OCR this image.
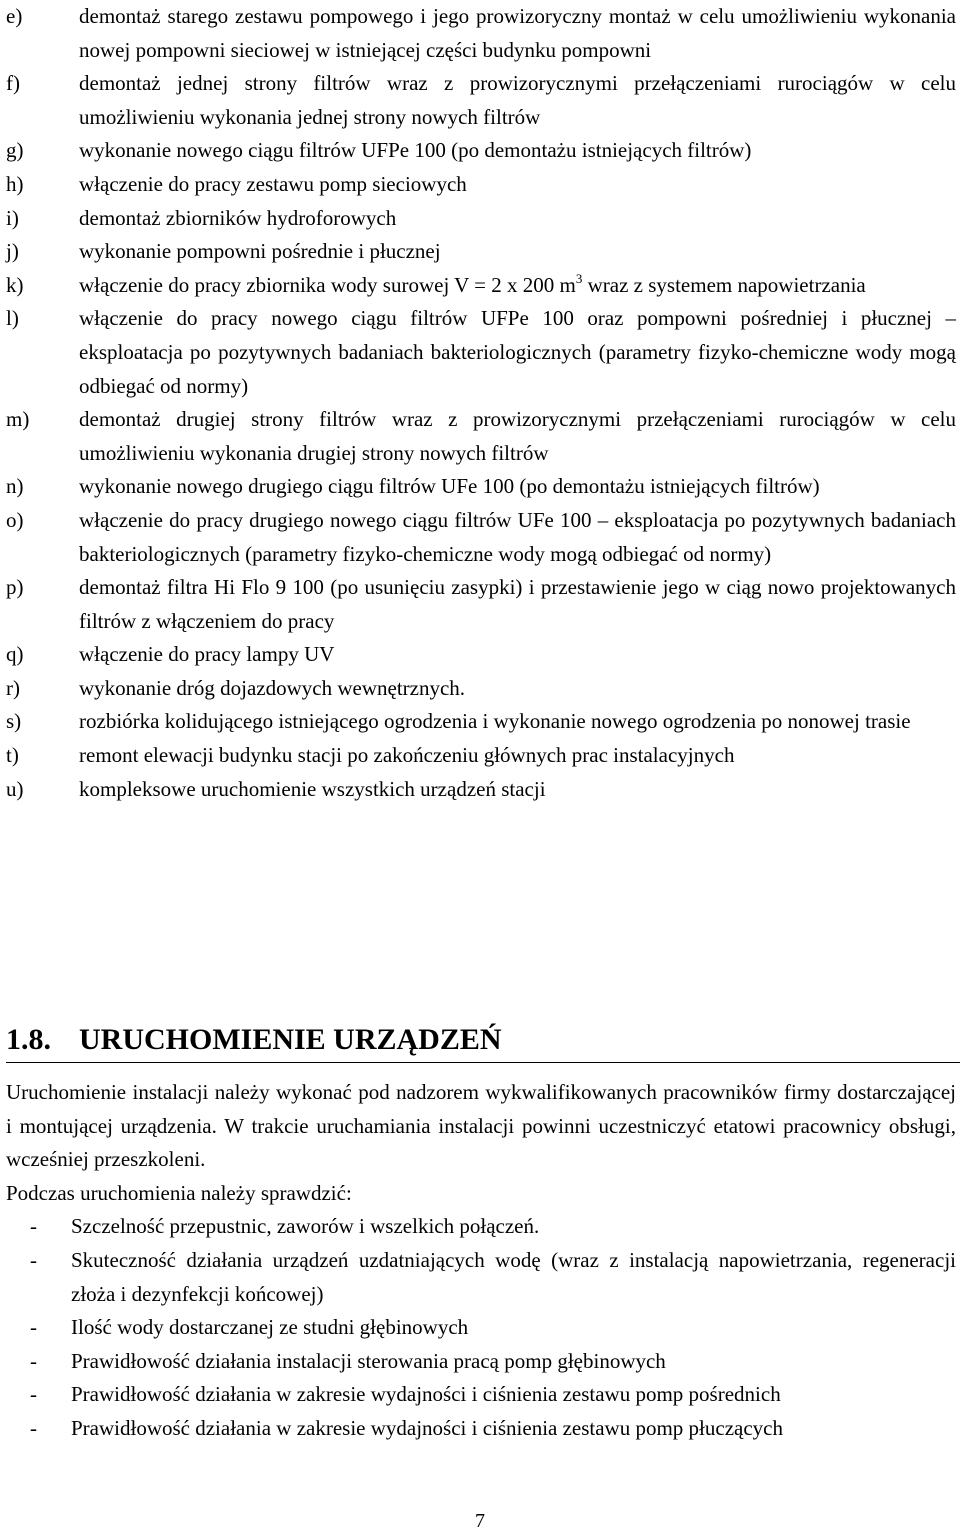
e)	demontaż starego zestawu pompowego i jego prowizoryczny montaż w celu umożliwieniu wykonania nowej pompowni sieciowej w istniejącej części budynku pompowni
f)	demontaż jednej strony filtrów wraz z prowizorycznymi przełączeniami rurociągów w celu umożliwieniu wykonania jednej strony nowych filtrów
g)	wykonanie nowego ciągu filtrów UFPe 100 (po demontażu istniejących filtrów)
h)	włączenie do pracy zestawu pomp sieciowych
i)	demontaż zbiorników hydroforowych
j)	wykonanie pompowni pośrednie i płucznej
k)	włączenie do pracy zbiornika wody surowej V = 2 x 200 $m^3$ wraz z systemem napowietrzania
l)	włączenie do pracy nowego ciągu filtrów UFPe 100 oraz pompowni pośredniej i płucznej – eksploatacja po pozytywnych badaniach bakteriologicznych (parametry fizyko-chemiczne wody mogą odbiegać od normy)
m)	demontaż drugiej strony filtrów wraz z prowizorycznymi przełączeniami rurociągów w celu umożliwieniu wykonania drugiej strony nowych filtrów
n)	wykonanie nowego drugiego ciągu filtrów UFe 100 (po demontażu istniejących filtrów)
o)	włączenie do pracy drugiego nowego ciągu filtrów UFe 100 – eksploatacja po pozytywnych badaniach bakteriologicznych (parametry fizyko-chemiczne wody mogą odbiegać od normy)
p)	demontaż filtra Hi Flo 9 100 (po usunięciu zasypki) i przestawienie jego w ciąg nowo projektowanych filtrów z włączeniem do pracy
q)	włączenie do pracy lampy UV
r)	wykonanie dróg dojazdowych wewnętrznych.
s)	rozbiórka kolidującego istniejącego ogrodzenia i wykonanie nowego ogrodzenia po nonowej trasie
t)	remont elewacji budynku stacji po zakończeniu głównych prac instalacyjnych
u)	kompleksowe uruchomienie wszystkich urządzeń stacji
1.8. URUCHOMIENIE URZĄDZEŃ
Uruchomienie instalacji należy wykonać pod nadzorem wykwalifikowanych pracowników firmy dostarczającej i montującej urządzenia. W trakcie uruchamiania instalacji powinni uczestniczyć etatowi pracownicy obsługi, wcześniej przeszkoleni.
Podczas uruchomienia należy sprawdzić:
-	Szczelność przepustnic, zaworów i wszelkich połączeń.
-	Skuteczność działania urządzeń uzdatniających wodę (wraz z instalacją napowietrzania, regeneracji złoża i dezynfekcji końcowej)
-	Ilość wody dostarczanej ze studni głębinowych
-	Prawidłowość działania instalacji sterowania pracą pomp głębinowych
-	Prawidłowość działania w zakresie wydajności i ciśnienia zestawu pomp pośrednich
-	Prawidłowość działania w zakresie wydajności i ciśnienia zestawu pomp płuczących
7
